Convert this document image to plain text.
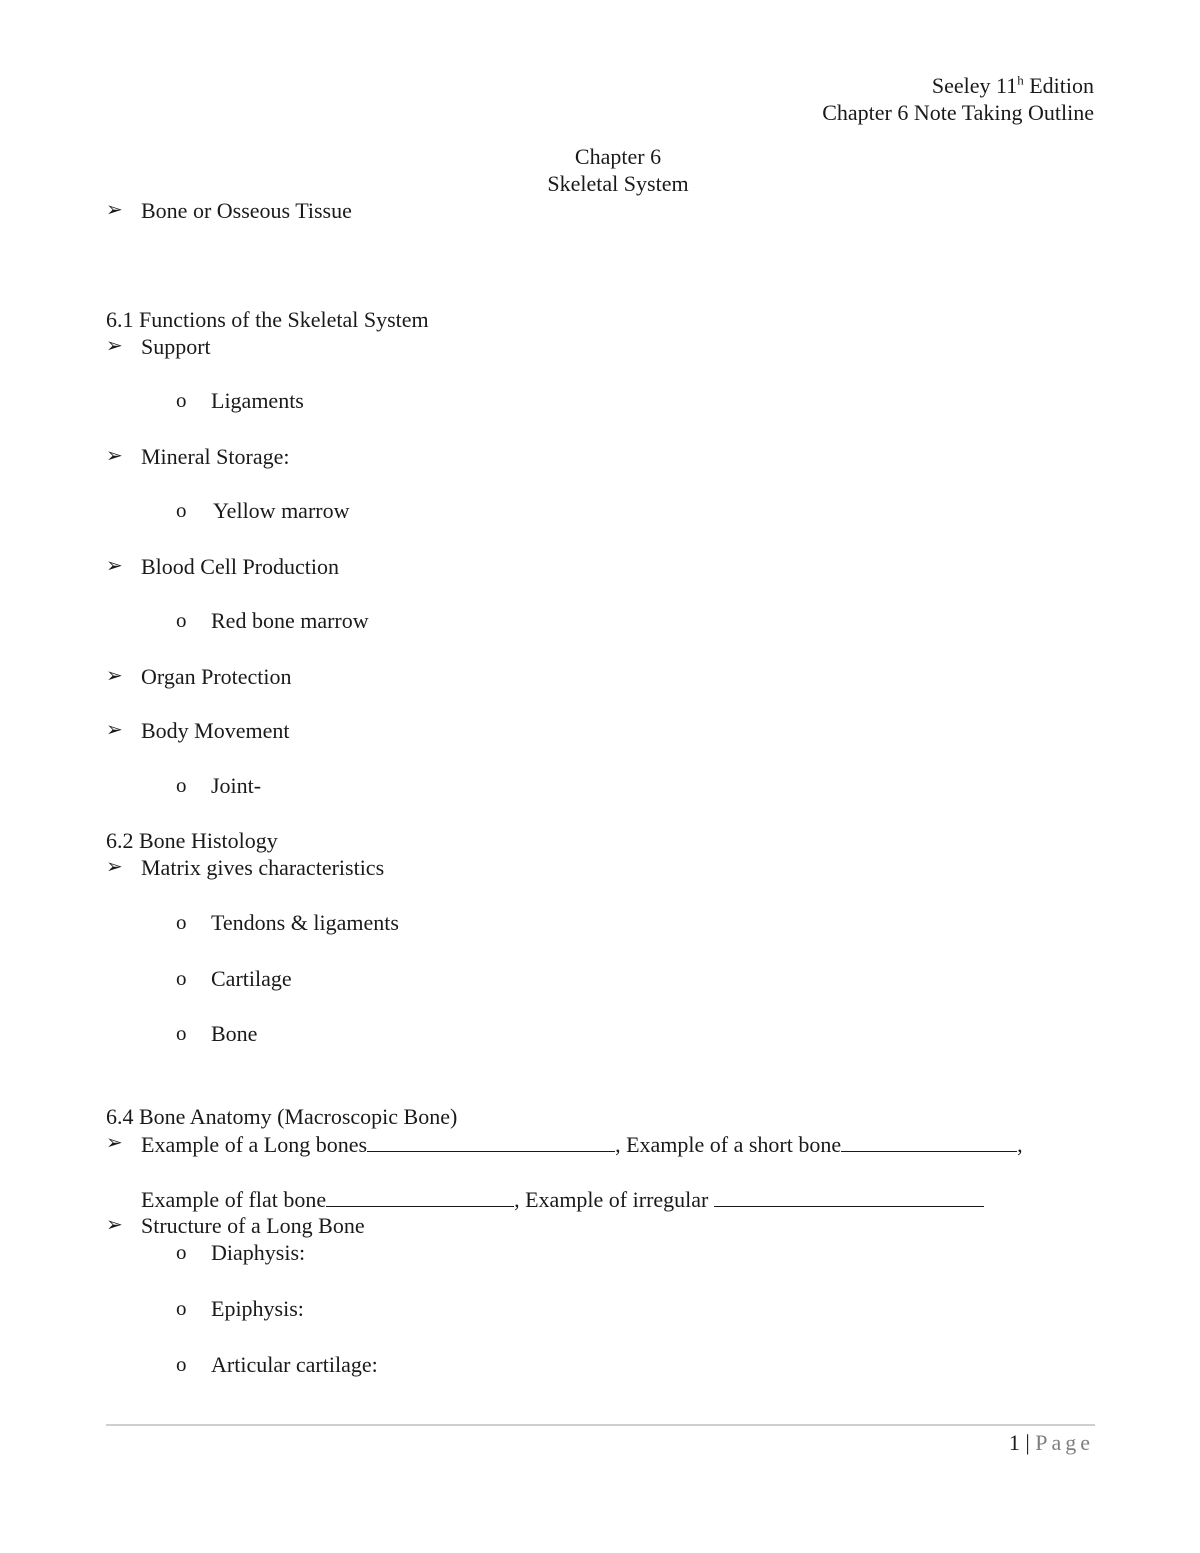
Seeley 11$^h$ Edition
Chapter 6 Note Taking Outline
Chapter 6
Skeletal System
➢ Bone or Osseous Tissue
6.1 Functions of the Skeletal System
➢ Support
o Ligaments
➢ Mineral Storage:
o Yellow marrow
➢ Blood Cell Production
o Red bone marrow
➢ Organ Protection
➢ Body Movement
o Joint-
6.2 Bone Histology
➢ Matrix gives characteristics
o Tendons & ligaments
o Cartilage
o Bone
6.4 Bone Anatomy (Macroscopic Bone)
➢ Example of a Long bones	, Example of a short bone	,
Example of flat bone	, Example of irregular
➢ Structure of a Long Bone
o Diaphysis:
o Epiphysis:
o Articular cartilage:
1 | Page
